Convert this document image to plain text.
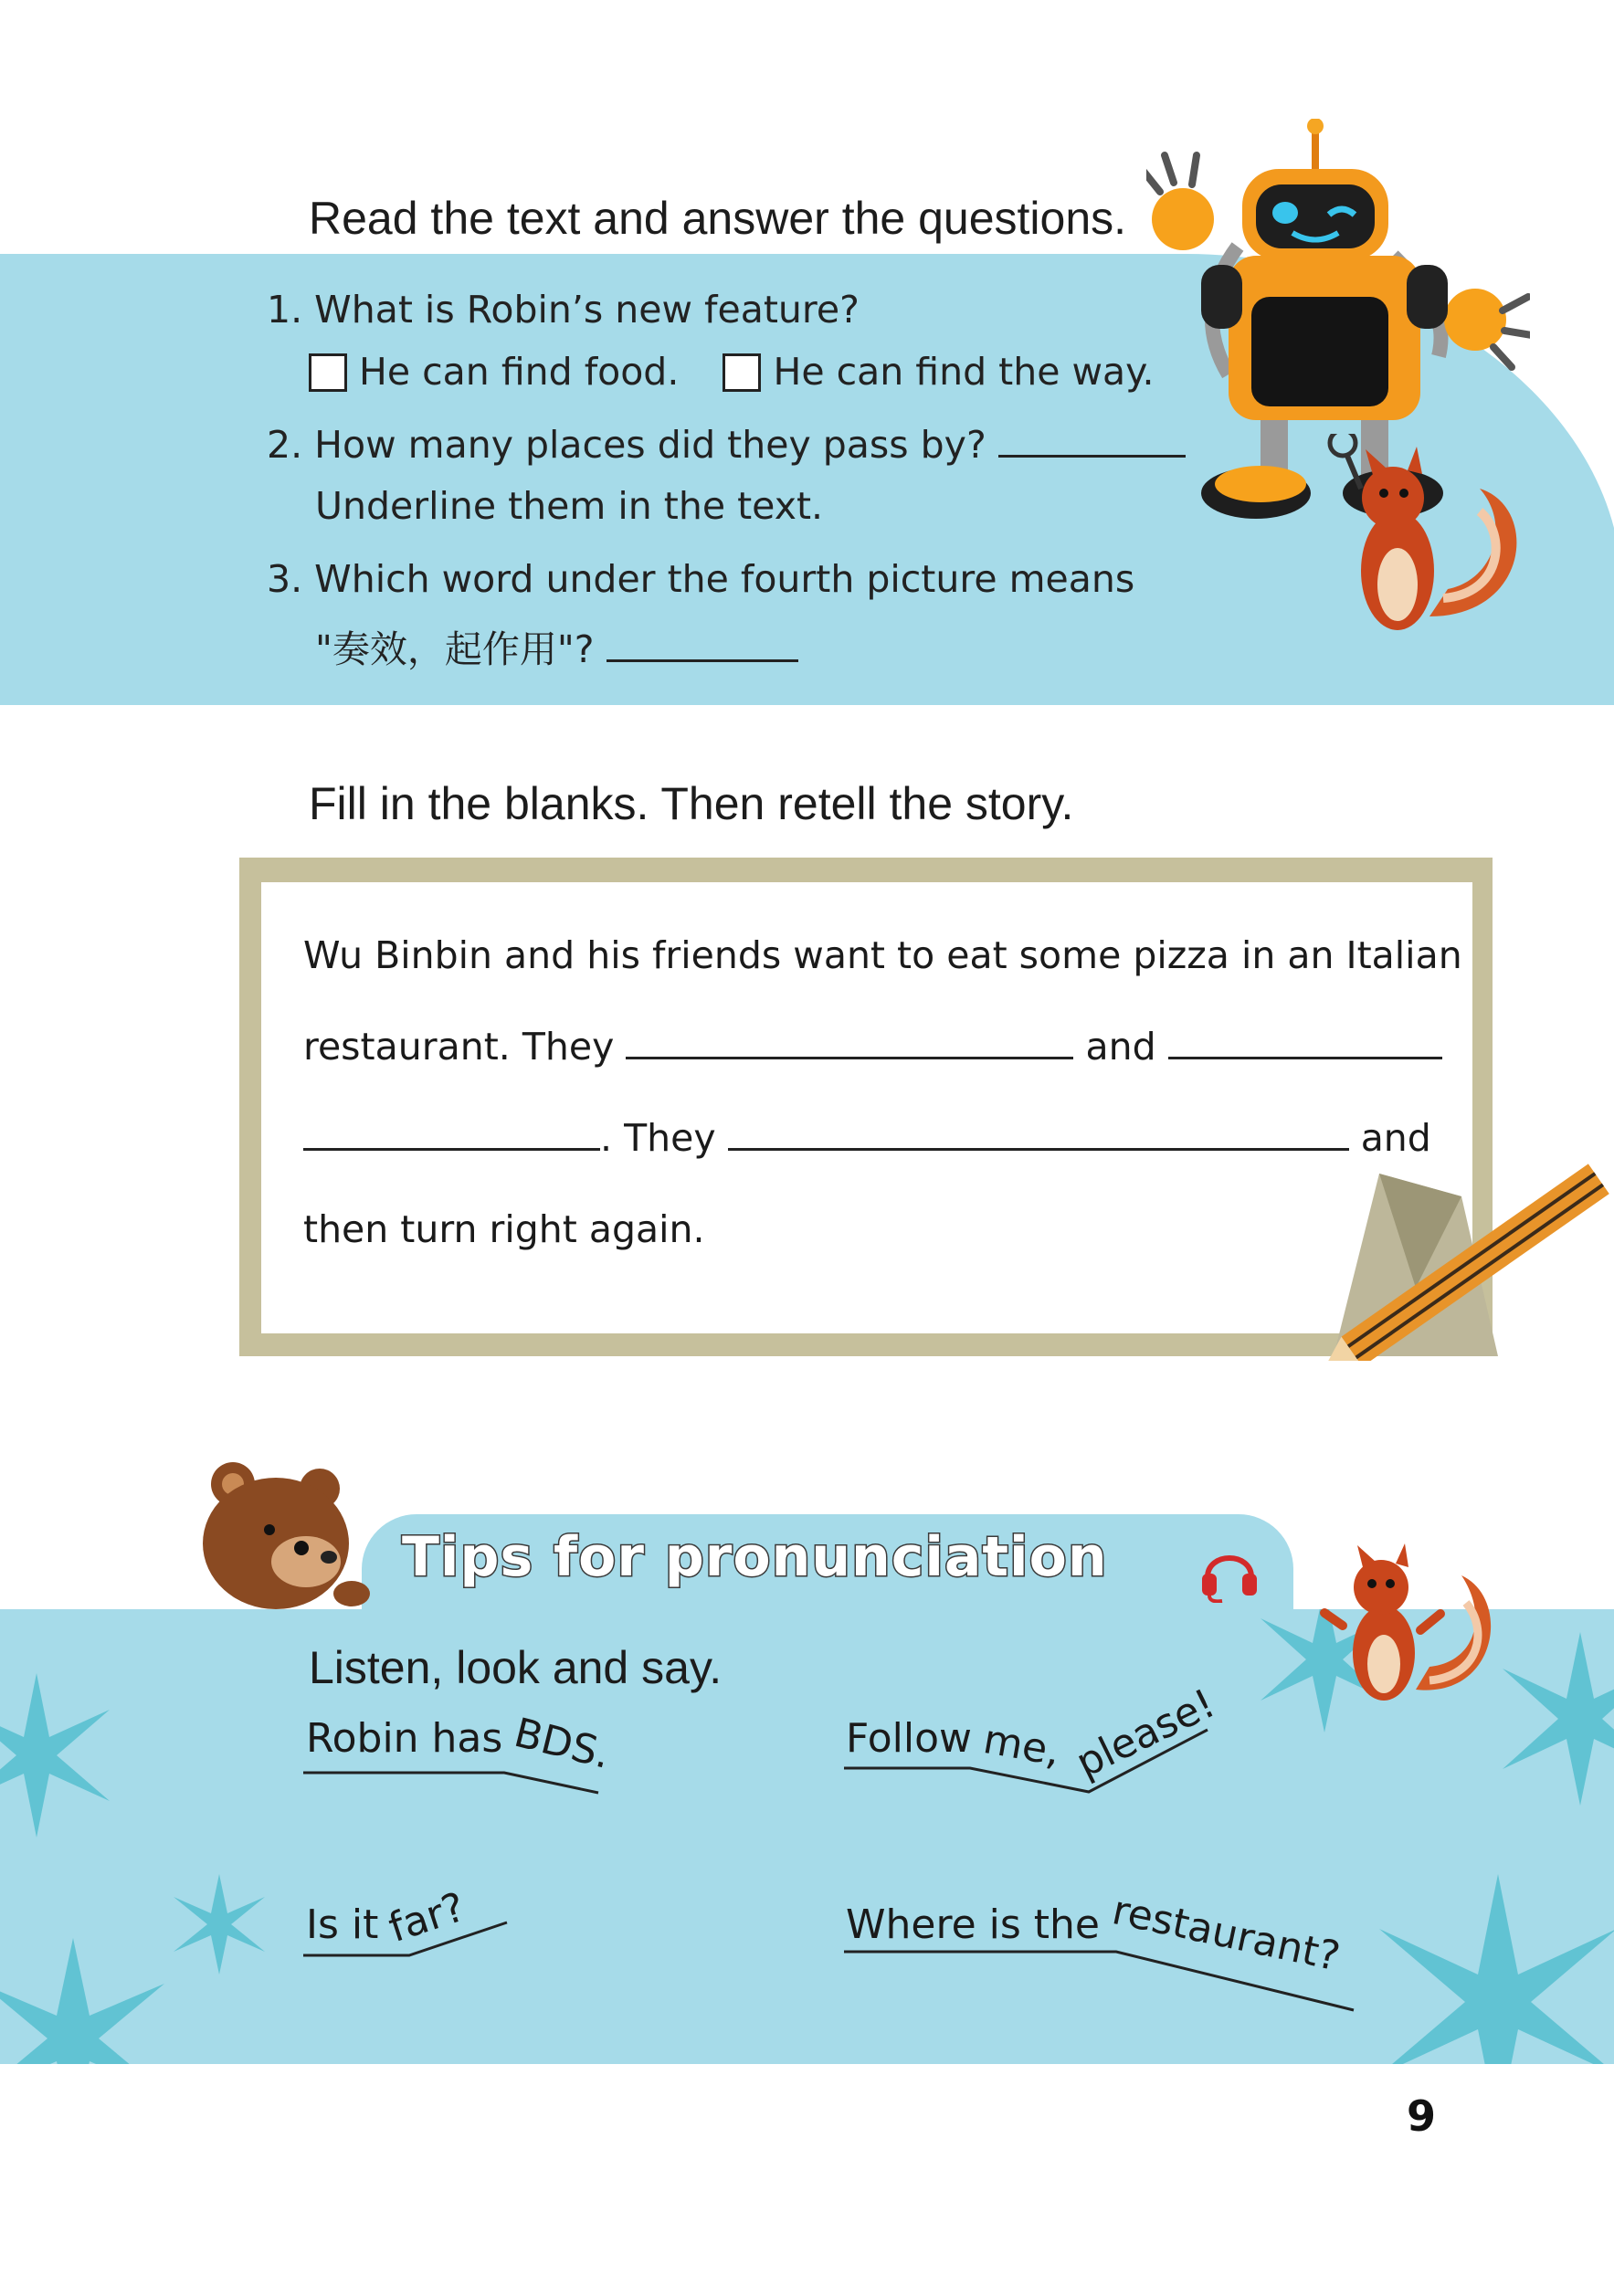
Read the text and answer the questions.
1. What is Robin’s new feature?
He can find food.	He can find the way.
2. How many places did they pass by?
Underline them in the text.
3. Which word under the fourth picture means
"奏效，起作用"?
Fill in the blanks. Then retell the story.
Wu Binbin and his friends want to eat some pizza in an Italian
restaurant. They	and
. They	and
then turn right again.
Tips for pronunciation
Listen, look and say.
Robin has BDS.	Follow me, please!
Is it far?	Where is the restaurant?
9
